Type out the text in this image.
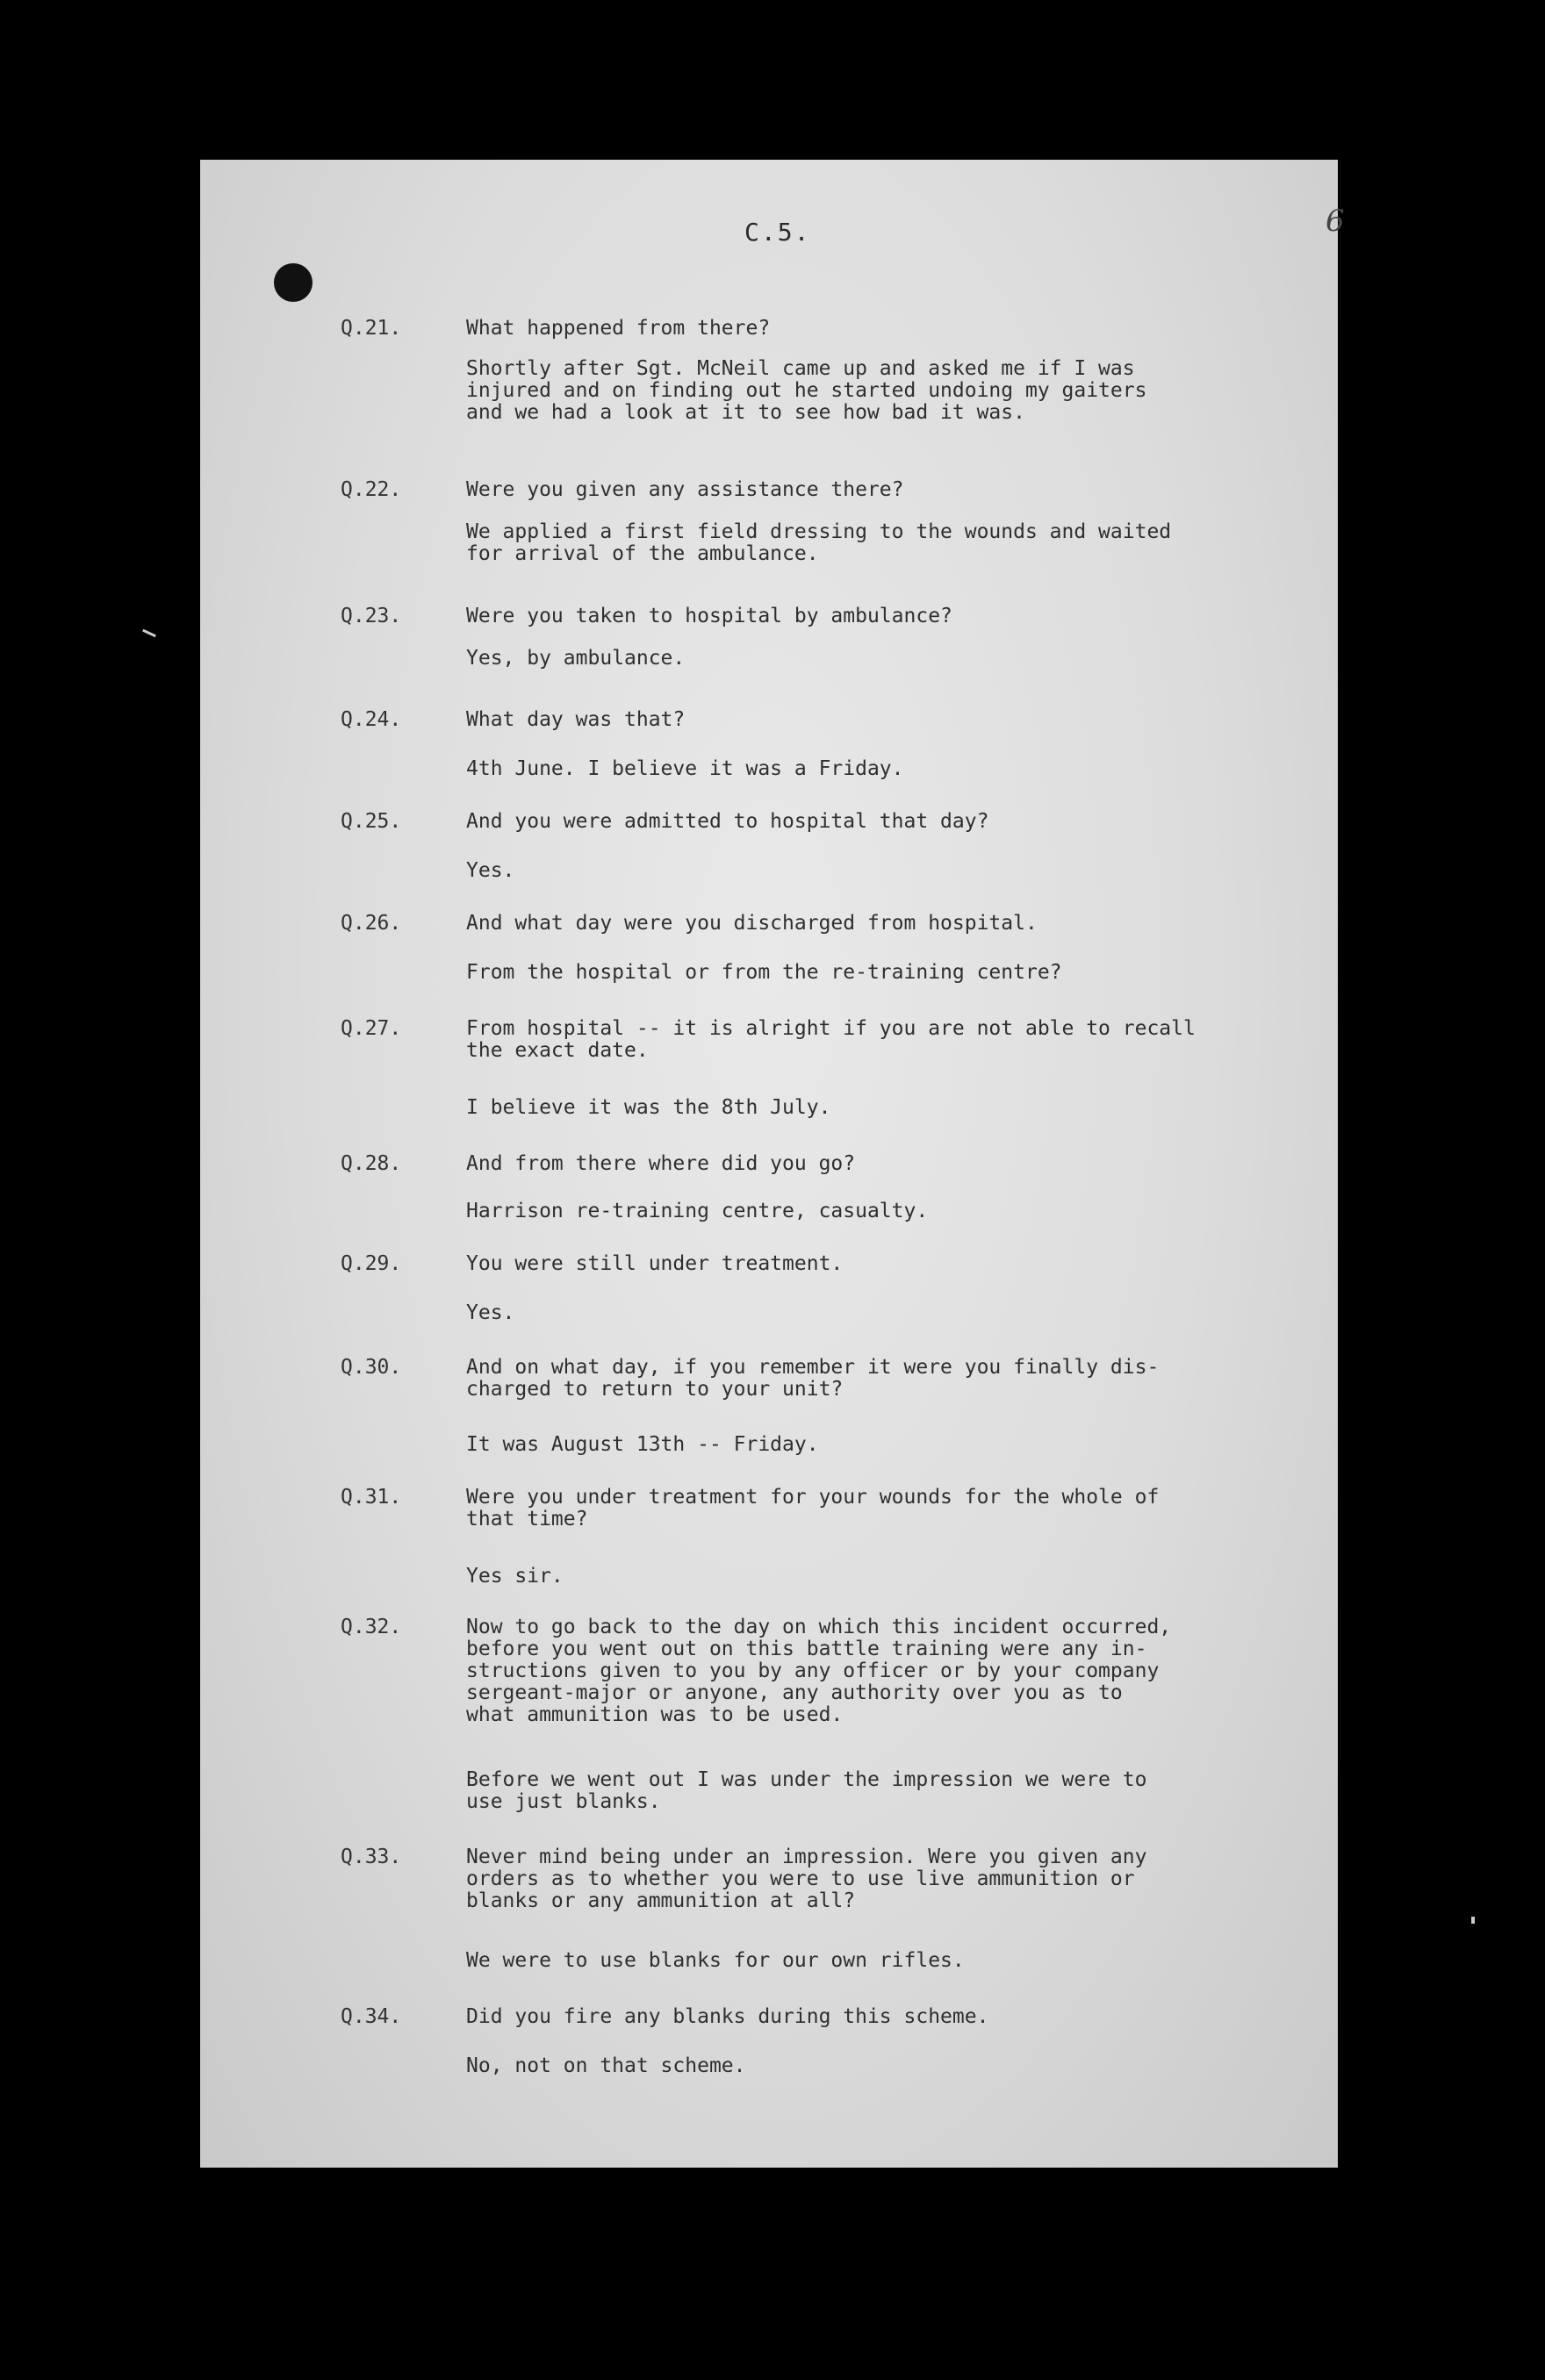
C.5.	6
Q.21.	What happened from there?
Shortly after Sgt. McNeil came up and asked me if I was
injured and on finding out he started undoing my gaiters
and we had a look at it to see how bad it was.
Q.22.	Were you given any assistance there?
We applied a first field dressing to the wounds and waited
for arrival of the ambulance.
Q.23.	Were you taken to hospital by ambulance?
Yes, by ambulance.
Q.24.	What day was that?
4th June. I believe it was a Friday.
Q.25.	And you were admitted to hospital that day?
Yes.
Q.26.	And what day were you discharged from hospital.
From the hospital or from the re-training centre?
Q.27.	From hospital -- it is alright if you are not able to recall
the exact date.
I believe it was the 8th July.
Q.28.	And from there where did you go?
Harrison re-training centre, casualty.
Q.29.	You were still under treatment.
Yes.
Q.30.	And on what day, if you remember it were you finally dis-
charged to return to your unit?
It was August 13th -- Friday.
Q.31.	Were you under treatment for your wounds for the whole of
that time?
Yes sir.
Q.32.	Now to go back to the day on which this incident occurred,
before you went out on this battle training were any in-
structions given to you by any officer or by your company
sergeant-major or anyone, any authority over you as to
what ammunition was to be used.
Before we went out I was under the impression we were to
use just blanks.
Q.33.	Never mind being under an impression. Were you given any
orders as to whether you were to use live ammunition or
blanks or any ammunition at all?
We were to use blanks for our own rifles.
Q.34.	Did you fire any blanks during this scheme.
No, not on that scheme.
